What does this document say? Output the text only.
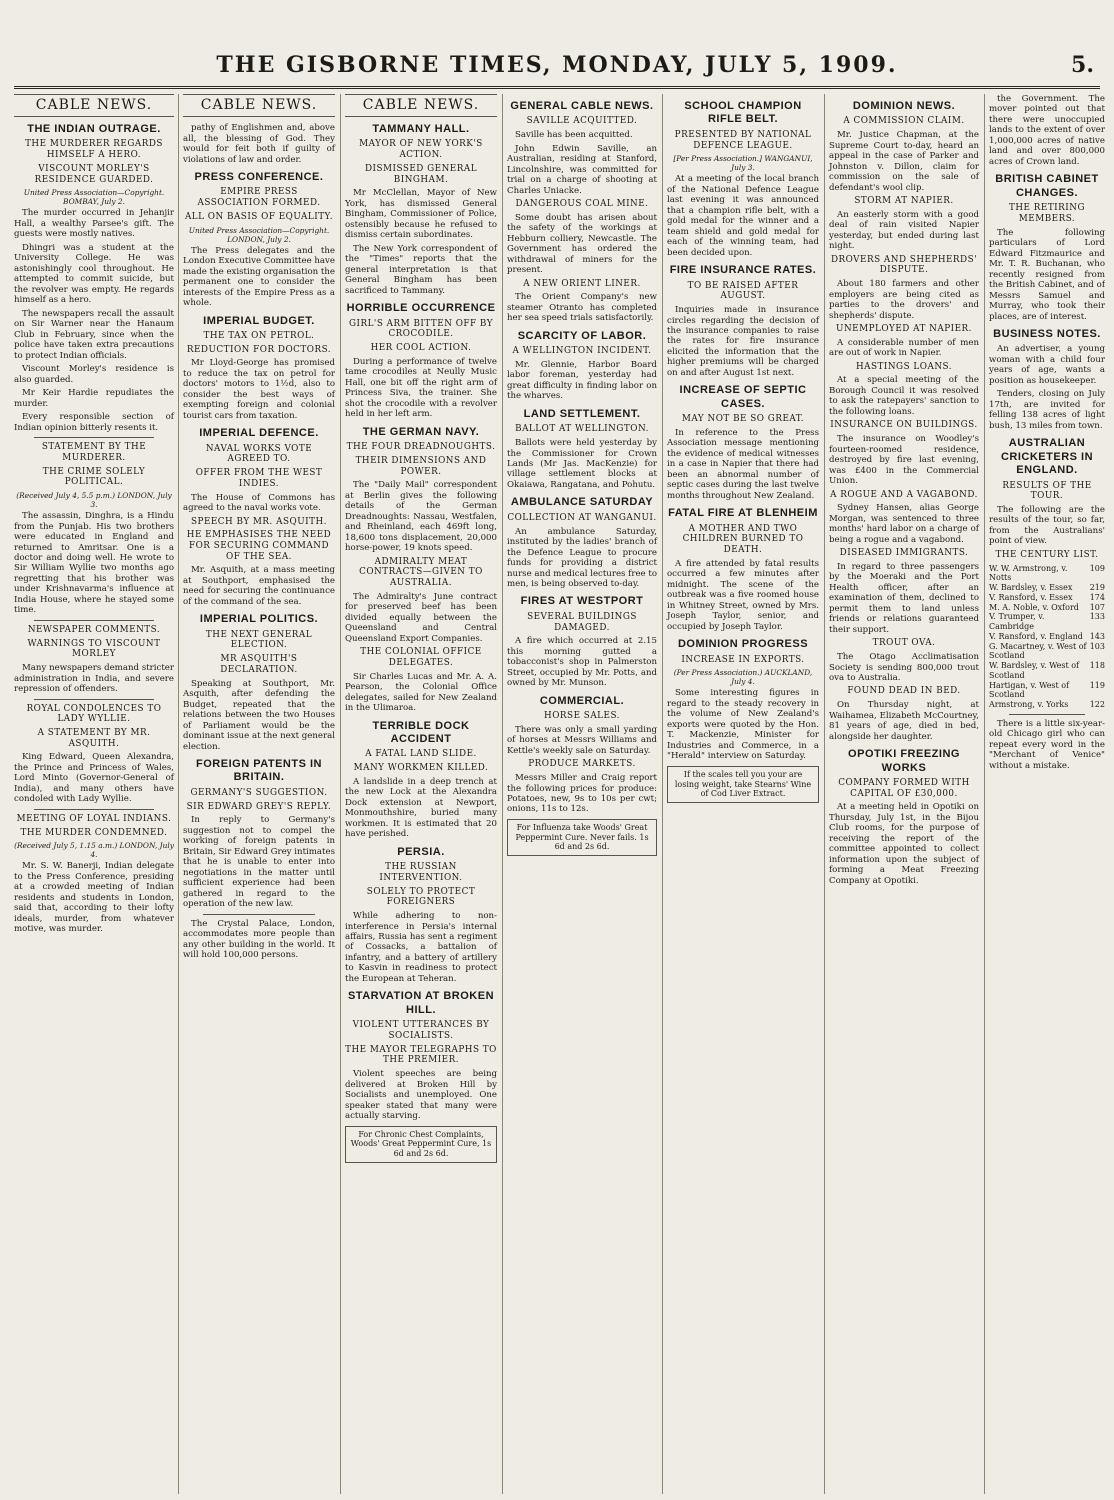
THE GISBORNE TIMES, MONDAY, JULY 5, 1909.	5.
CABLE NEWS.
THE INDIAN OUTRAGE.
THE MURDERER REGARDS HIMSELF A HERO.
VISCOUNT MORLEY'S RESIDENCE GUARDED.
United Press Association—Copyright. BOMBAY, July 2.

The murder occurred in Jehanjir Hall, a wealthy Parsee's gift. The guests were mostly natives.

Dhingri was a student at the University College. He was astonishingly cool throughout. He attempted to commit suicide, but the revolver was empty. He regards himself as a hero.

The newspapers recall the assault on Sir Warner near the Hanaum Club in February, since when the police have taken extra precautions to protect Indian officials.

Viscount Morley's residence is also guarded.

Mr Keir Hardie repudiates the murder.

Every responsible section of Indian opinion bitterly resents it.

STATEMENT BY THE MURDERER.
THE CRIME SOLELY POLITICAL.
(Received July 4, 5.5 p.m.) LONDON, July 3.

The assassin, Dinghra, is a Hindu from the Punjab. His two brothers were educated in England and returned to Amritsar. One is a doctor and doing well. He wrote to Sir William Wyllie two months ago regretting that his brother was under Krishnavarma's influence at India House, where he stayed some time.

NEWSPAPER COMMENTS.
WARNINGS TO VISCOUNT MORLEY

Many newspapers demand stricter administration in India, and severe repression of offenders.

ROYAL CONDOLENCES TO LADY WYLLIE.
A STATEMENT BY MR. ASQUITH.

King Edward, Queen Alexandra, the Prince and Princess of Wales, Lord Minto (Governor-General of India), and many others have condoled with Lady Wyllie.

MEETING OF LOYAL INDIANS.
THE MURDER CONDEMNED.
(Received July 5, 1.15 a.m.) LONDON, July 4.

Mr. S. W. Banerji, Indian delegate to the Press Conference, presiding at a crowded meeting of Indian residents and students in London, said that, according to their lofty ideals, murder, from whatever motive, was murder.

CABLE NEWS.

pathy of Englishmen and, above all, the blessing of God. They would for feit both if guilty of violations of law and order.

PRESS CONFERENCE.
EMPIRE PRESS ASSOCIATION FORMED.
ALL ON BASIS OF EQUALITY.
United Press Association—Copyright. LONDON, July 2.

The Press delegates and the London Executive Committee have made the existing organisation the permanent one to consider the interests of the Empire Press as a whole.

IMPERIAL BUDGET.
THE TAX ON PETROL.
REDUCTION FOR DOCTORS.

Mr Lloyd-George has promised to reduce the tax on petrol for doctors' motors to 1½d, also to consider the best ways of exempting foreign and colonial tourist cars from taxation.

IMPERIAL DEFENCE.
NAVAL WORKS VOTE AGREED TO.
OFFER FROM THE WEST INDIES.

The House of Commons has agreed to the naval works vote.

SPEECH BY MR. ASQUITH.
HE EMPHASISES THE NEED FOR SECURING COMMAND OF THE SEA.

Mr. Asquith, at a mass meeting at Southport, emphasised the need for securing the continuance of the command of the sea.

IMPERIAL POLITICS.
THE NEXT GENERAL ELECTION.
MR ASQUITH'S DECLARATION.

Speaking at Southport, Mr. Asquith, after defending the Budget, repeated that the relations between the two Houses of Parliament would be the dominant issue at the next general election.

FOREIGN PATENTS IN BRITAIN.
GERMANY'S SUGGESTION.
SIR EDWARD GREY'S REPLY.

In reply to Germany's suggestion not to compel the working of foreign patents in Britain, Sir Edward Grey intimates that he is unable to enter into negotiations in the matter until sufficient experience had been gathered in regard to the operation of the new law.

The Crystal Palace, London, accommodates more people than any other building in the world. It will hold 100,000 persons.

CABLE NEWS.
TAMMANY HALL.
MAYOR OF NEW YORK'S ACTION.
DISMISSED GENERAL BINGHAM.

Mr McClellan, Mayor of New York, has dismissed General Bingham, Commissioner of Police, ostensibly because he refused to dismiss certain subordinates.

The New York correspondent of the "Times" reports that the general interpretation is that General Bingham has been sacrificed to Tammany.

HORRIBLE OCCURRENCE
GIRL'S ARM BITTEN OFF BY CROCODILE.
HER COOL ACTION.

During a performance of twelve tame crocodiles at Neully Music Hall, one bit off the right arm of Princess Siva, the trainer. She shot the crocodile with a revolver held in her left arm.

THE GERMAN NAVY.
THE FOUR DREADNOUGHTS.
THEIR DIMENSIONS AND POWER.

The "Daily Mail" correspondent at Berlin gives the following details of the German Dreadnoughts: Nassau, Westfalen, and Rheinland, each 469ft long, 18,600 tons displacement, 20,000 horse-power, 19 knots speed.

ADMIRALTY MEAT CONTRACTS—GIVEN TO AUSTRALIA.

The Admiralty's June contract for preserved beef has been divided equally between the Queensland and Central Queensland Export Companies.

THE COLONIAL OFFICE DELEGATES.

Sir Charles Lucas and Mr. A. A. Pearson, the Colonial Office delegates, sailed for New Zealand in the Ulimaroa.

TERRIBLE DOCK ACCIDENT
A FATAL LAND SLIDE.
MANY WORKMEN KILLED.

A landslide in a deep trench at the new Lock at the Alexandra Dock extension at Newport, Monmouthshire, buried many workmen. It is estimated that 20 have perished.

PERSIA.
THE RUSSIAN INTERVENTION.
SOLELY TO PROTECT FOREIGNERS

While adhering to non-interference in Persia's internal affairs, Russia has sent a regiment of Cossacks, a battalion of infantry, and a battery of artillery to Kasvin in readiness to protect the European at Teheran.

STARVATION AT BROKEN HILL.
VIOLENT UTTERANCES BY SOCIALISTS.
THE MAYOR TELEGRAPHS TO THE PREMIER.

Violent speeches are being delivered at Broken Hill by Socialists and unemployed. One speaker stated that many were actually starving.

For Chronic Chest Complaints, Woods' Great Peppermint Cure, 1s 6d and 2s 6d.
GENERAL CABLE NEWS.
SAVILLE ACQUITTED.

Saville has been acquitted.

John Edwin Saville, an Australian, residing at Stanford, Lincolnshire, was committed for trial on a charge of shooting at Charles Uniacke.

DANGEROUS COAL MINE.

Some doubt has arisen about the safety of the workings at Hebburn colliery, Newcastle. The Government has ordered the withdrawal of miners for the present.

A NEW ORIENT LINER.

The Orient Company's new steamer Otranto has completed her sea speed trials satisfactorily.

SCARCITY OF LABOR.
A WELLINGTON INCIDENT.

Mr. Glennie, Harbor Board labor foreman, yesterday had great difficulty in finding labor on the wharves.

LAND SETTLEMENT.
BALLOT AT WELLINGTON.

Ballots were held yesterday by the Commissioner for Crown Lands (Mr Jas. MacKenzie) for village settlement blocks at Okaiawa, Rangatana, and Pohutu.

AMBULANCE SATURDAY
COLLECTION AT WANGANUI.

An ambulance Saturday, instituted by the ladies' branch of the Defence League to procure funds for providing a district nurse and medical lectures free to men, is being observed to-day.

FIRES AT WESTPORT
SEVERAL BUILDINGS DAMAGED.

A fire which occurred at 2.15 this morning gutted a tobacconist's shop in Palmerston Street, occupied by Mr. Potts, and owned by Mr. Munson.

COMMERCIAL.
HORSE SALES.

There was only a small yarding of horses at Messrs Williams and Kettle's weekly sale on Saturday.

PRODUCE MARKETS.

Messrs Miller and Craig report the following prices for produce: Potatoes, new, 9s to 10s per cwt; onions, 11s to 12s.

For Influenza take Woods' Great Peppermint Cure. Never fails. 1s 6d and 2s 6d.
SCHOOL CHAMPION RIFLE BELT.
PRESENTED BY NATIONAL DEFENCE LEAGUE.
[Per Press Association.] WANGANUI, July 3.

At a meeting of the local branch of the National Defence League last evening it was announced that a champion rifle belt, with a gold medal for the winner and a team shield and gold medal for each of the winning team, had been decided upon.

FIRE INSURANCE RATES.
TO BE RAISED AFTER AUGUST.

Inquiries made in insurance circles regarding the decision of the insurance companies to raise the rates for fire insurance elicited the information that the higher premiums will be charged on and after August 1st next.

INCREASE OF SEPTIC CASES.
MAY NOT BE SO GREAT.

In reference to the Press Association message mentioning the evidence of medical witnesses in a case in Napier that there had been an abnormal number of septic cases during the last twelve months throughout New Zealand.

FATAL FIRE AT BLENHEIM
A MOTHER AND TWO CHILDREN BURNED TO DEATH.

A fire attended by fatal results occurred a few minutes after midnight. The scene of the outbreak was a five roomed house in Whitney Street, owned by Mrs. Joseph Taylor, senior, and occupied by Joseph Taylor.

DOMINION PROGRESS
INCREASE IN EXPORTS.
(Per Press Association.) AUCKLAND, July 4.

Some interesting figures in regard to the steady recovery in the volume of New Zealand's exports were quoted by the Hon. T. Mackenzie, Minister for Industries and Commerce, in a "Herald" interview on Saturday.

If the scales tell you your are losing weight, take Stearns' Wine of Cod Liver Extract.
DOMINION NEWS.
A COMMISSION CLAIM.

Mr. Justice Chapman, at the Supreme Court to-day, heard an appeal in the case of Parker and Johnston v. Dillon, claim for commission on the sale of defendant's wool clip.

STORM AT NAPIER.

An easterly storm with a good deal of rain visited Napier yesterday, but ended during last night.

DROVERS AND SHEPHERDS' DISPUTE.

About 180 farmers and other employers are being cited as parties to the drovers' and shepherds' dispute.

UNEMPLOYED AT NAPIER.

A considerable number of men are out of work in Napier.

HASTINGS LOANS.

At a special meeting of the Borough Council it was resolved to ask the ratepayers' sanction to the following loans.

INSURANCE ON BUILDINGS.

The insurance on Woodley's fourteen-roomed residence, destroyed by fire last evening, was £400 in the Commercial Union.

A ROGUE AND A VAGABOND.

Sydney Hansen, alias George Morgan, was sentenced to three months' hard labor on a charge of being a rogue and a vagabond.

DISEASED IMMIGRANTS.

In regard to three passengers by the Moeraki and the Port Health officer, after an examination of them, declined to permit them to land unless friends or relations guaranteed their support.

TROUT OVA.

The Otago Acclimatisation Society is sending 800,000 trout ova to Australia.

FOUND DEAD IN BED.

On Thursday night, at Waihamea, Elizabeth McCourtney, 81 years of age, died in bed, alongside her daughter.

OPOTIKI FREEZING WORKS
COMPANY FORMED WITH CAPITAL OF £30,000.

At a meeting held in Opotiki on Thursday, July 1st, in the Bijou Club rooms, for the purpose of receiving the report of the committee appointed to collect information upon the subject of forming a Meat Freezing Company at Opotiki.

the Government. The mover pointed out that there were unoccupied lands to the extent of over 1,000,000 acres of native land and over 800,000 acres of Crown land.

BRITISH CABINET CHANGES.
THE RETIRING MEMBERS.

The following particulars of Lord Edward Fitzmaurice and Mr. T. R. Buchanan, who recently resigned from the British Cabinet, and of Messrs Samuel and Murray, who took their places, are of interest.

BUSINESS NOTES.

An advertiser, a young woman with a child four years of age, wants a position as housekeeper.

Tenders, closing on July 17th, are invited for felling 138 acres of light bush, 13 miles from town.

AUSTRALIAN CRICKETERS IN ENGLAND.
RESULTS OF THE TOUR.

The following are the results of the tour, so far, from the Australians' point of view.

THE CENTURY LIST.
W. W. Armstrong, v. Notts
109
W. Bardsley, v. Essex 219
V. Ransford, v. Essex 174
M. A. Noble, v. Oxford 107
V. Trumper, v. Cambridge
133
V. Ransford, v. England 143
G. Macartney, v. West of Scotland
103
W. Bardsley, v. West of Scotland
118
Hartigan, v. West of Scotland
119
Armstrong, v. Yorks	122

There is a little six-year-old Chicago girl who can repeat every word in the "Merchant of Venice" without a mistake.
